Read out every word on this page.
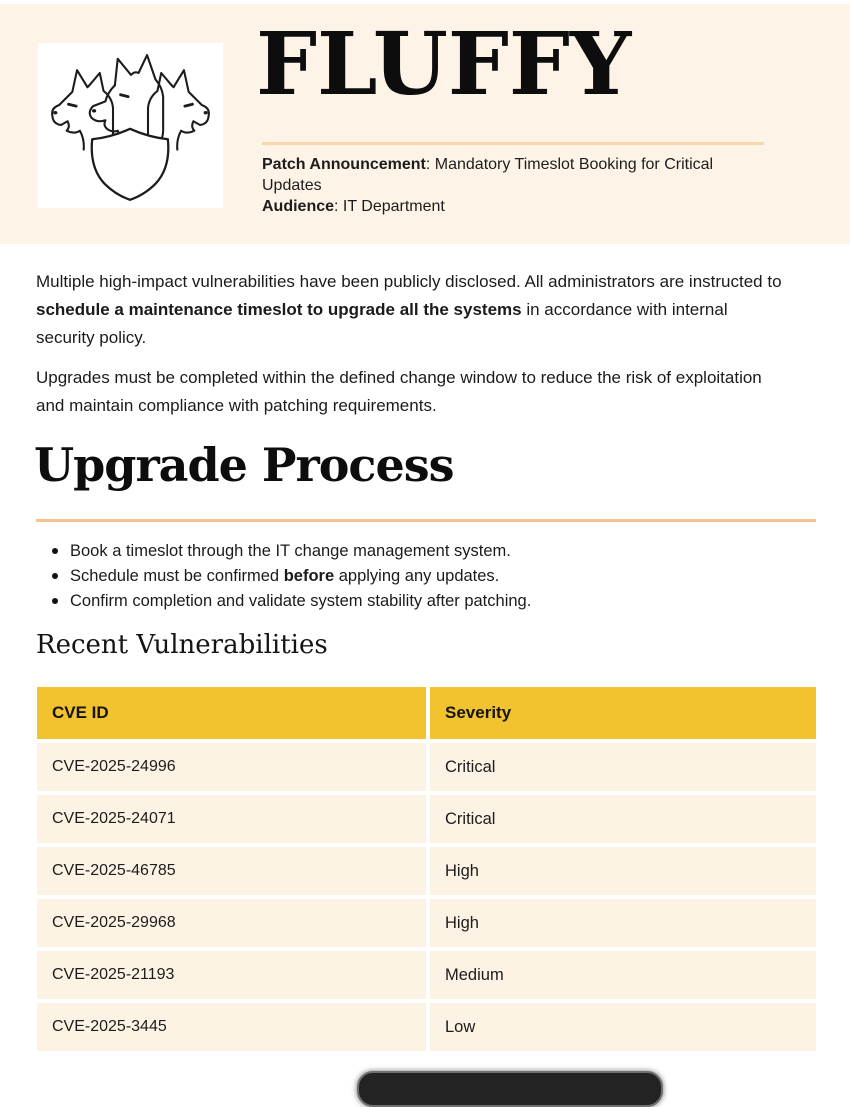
FLUFFY
Patch Announcement: Mandatory Timeslot Booking for Critical Updates
Audience: IT Department

Multiple high-impact vulnerabilities have been publicly disclosed. All administrators are instructed to schedule a maintenance timeslot to upgrade all the systems in accordance with internal security policy.

Upgrades must be completed within the defined change window to reduce the risk of exploitation and maintain compliance with patching requirements.

Upgrade Process
Book a timeslot through the IT change management system.
Schedule must be confirmed before applying any updates.
Confirm completion and validate system stability after patching.
Recent Vulnerabilities
CVE ID	Severity
CVE-2025-24996	Critical
CVE-2025-24071	Critical
CVE-2025-46785	High
CVE-2025-29968	High
CVE-2025-21193	Medium
CVE-2025-3445	Low
